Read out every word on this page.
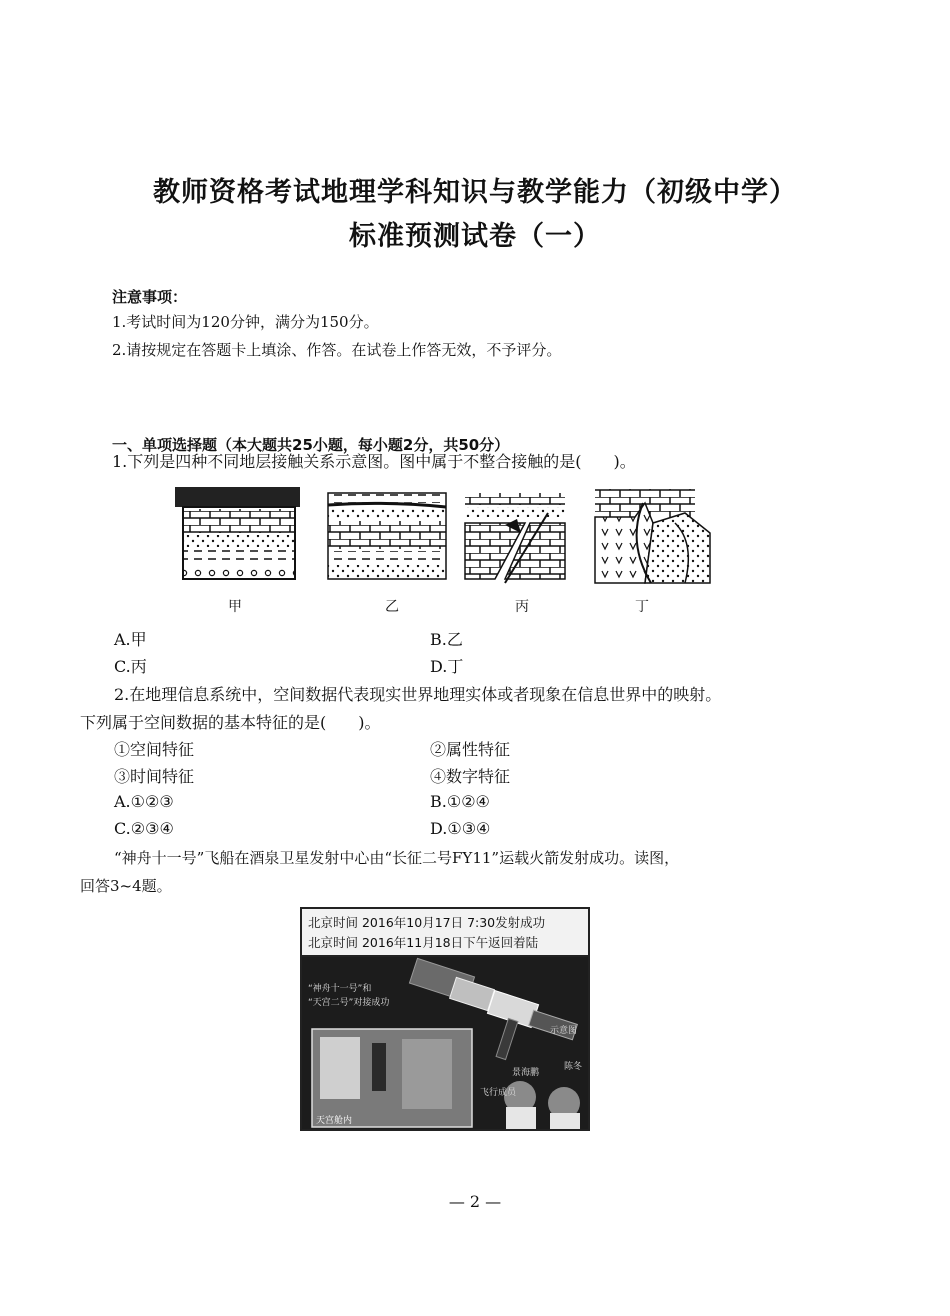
教师资格考试地理学科知识与教学能力（初级中学）
标准预测试卷（一）
注意事项：
1.考试时间为120分钟，满分为150分。
2.请按规定在答题卡上填涂、作答。在试卷上作答无效，不予评分。
一、单项选择题（本大题共25小题，每小题2分，共50分）
1.下列是四种不同地层接触关系示意图。图中属于不整合接触的是(　　)。
甲	乙	丙	丁
A.甲	B.乙
C.丙	D.丁
2.在地理信息系统中，空间数据代表现实世界地理实体或者现象在信息世界中的映射。
下列属于空间数据的基本特征的是(　　)。
①空间特征	②属性特征
③时间特征	④数字特征
A.①②③	B.①②④
C.②③④	D.①③④
“神舟十一号”飞船在酒泉卫星发射中心由“长征二号FY11”运载火箭发射成功。读图，
回答3~4题。
北京时间 2016年10月17日 7:30发射成功
北京时间 2016年11月18日下午返回着陆
“神舟十一号”和
“天宫二号”对接成功
示意图
天宫舱内
飞行成员
景海鹏
陈冬
— 2 —
